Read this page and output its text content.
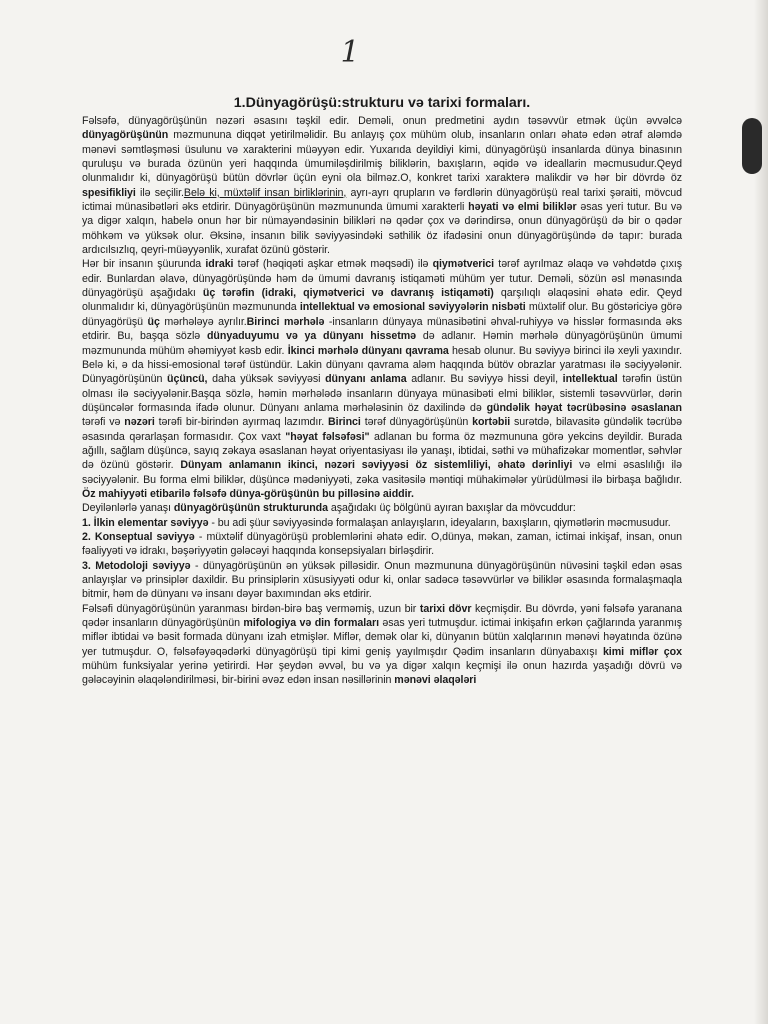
1

1.Dünyagörüşü:strukturu və tarixi formaları.

Fəlsəfə, dünyagörüşünün nəzəri əsasını təşkil edir. Deməli, onun predmetini aydın təsəvvür etmək üçün əvvəlcə dünyagörüşünün məzmununa diqqət yetirilməlidir. Bu anlayış çox mühüm olub, insanların onları əhatə edən ətraf aləmdə mənəvi səmtləşməsi üsulunu və xarakterini müəyyən edir. Yuxarıda deyildiyi kimi, dünyagörüşü insanlarda dünya binasının quruluşu və burada özünün yeri haqqında ümumiləşdirilmiş biliklərin, baxışların, əqidə və ideallarin məcmusudur.Qeyd olunmalıdır ki, dünyagörüşü bütün dövrlər üçün eyni ola bilməz.O, konkret tarixi xarakterə malikdir və hər bir dövrdə öz spesifikliyi ilə seçilir.Belə ki, müxtəlif insan birliklərinin, ayrı-ayrı qrupların və fərdlərin dünyagörüşü real tarixi şəraiti, mövcud ictimai münasibətləri əks etdirir. Dünyagörüşünün məzmununda ümumi xarakterli həyati və elmi biliklər əsas yeri tutur. Bu və ya digər xalqın, habelə onun hər bir nümayəndəsinin bilikləri nə qədər çox və dərindirsə, onun dünyagörüşü də bir o qədər möhkəm və yüksək olur. Əksinə, insanın bilik səviyyəsindəki səthilik öz ifadəsini onun dünyagörüşündə də tapır: burada ardıcılsızlıq, qeyri-müəyyənlik, xurafat özünü göstərir.

Hər bir insanın şüurunda idraki tərəf (həqiqəti aşkar etmək məqsədi) ilə qiymətverici tərəf ayrılmaz əlaqə və vəhdətdə çıxış edir. Bunlardan əlavə, dünyagörüşündə həm də ümumi davranış istiqaməti mühüm yer tutur. Deməli, sözün əsl mənasında dünyagörüşü aşağıdakı üç tərəfin (idraki, qiymətverici və davranış istiqaməti) qarşılıqlı əlaqəsini əhatə edir. Qeyd olunmalıdır ki, dünyagörüşünün məzmununda intellektual və emosional səviyyələrin nisbəti müxtəlif olur. Bu göstəriciyə görə dünyagörüşü üç mərhələyə ayrılır.Birinci mərhələ -insanların dünyaya münasibətini əhval-ruhiyyə və hisslər formasında əks etdirir. Bu, başqa sözlə dünyaduyumu və ya dünyanı hissetmə də adlanır. Həmin mərhələ dünyagörüşünün ümumi məzmununda mühüm əhəmiyyət kəsb edir. İkinci mərhələ dünyanı qavrama hesab olunur. Bu səviyyə birinci ilə xeyli yaxındır. Belə ki, ə da hissi-emosional tərəf üstündür. Lakin dünyanı qavrama aləm haqqında bütöv obrazlar yaratması ilə səciyyələnir. Dünyagörüşünün üçüncü, daha yüksək səviyyəsi dünyanı anlama adlanır. Bu səviyyə hissi deyil, intellektual tərəfin üstün olması ilə səciyyələnir.Başqa sözlə, həmin mərhələdə insanların dünyaya münasibəti elmi biliklər, sistemli təsəvvürlər, dərin düşüncələr formasında ifadə olunur. Dünyanı anlama mərhələsinin öz daxilində də gündəlik həyat təcrübəsinə əsaslanan tərəfi və nəzəri tərəfi bir-birindən ayırmaq lazımdır. Birinci tərəf dünyagörüşünün kortəbii surətdə, bilavasitə gündəlik təcrübə əsasında qərarlaşan formasıdır. Çox vaxt "həyat fəlsəfəsi" adlanan bu forma öz məzmununa görə yekcins deyildir. Burada ağıllı, sağlam düşüncə, sayıq zəkaya əsaslanan həyat oriyentasiyası ilə yanaşı, ibtidai, səthi və mühafizəkar momentlər, səhvlər də özünü göstərir. Dünyam anlamanın ikinci, nəzəri səviyyəsi öz sistemliliyi, əhatə dərinliyi və elmi əsaslılığı ilə səciyyələnir. Bu forma elmi biliklər, düşüncə mədəniyyəti, zəka vasitəsilə məntiqi mühakimələr yürüdülməsi ilə birbaşa bağlıdır. Öz mahiyyəti etibarilə fəlsəfə dünya-görüşünün bu pilləsinə aiddir.

Deyilənlərlə yanaşı dünyagörüşünün strukturunda aşağıdakı üç bölgünü ayıran baxışlar da mövcuddur:

1. İlkin elementar səviyyə - bu adi şüur səviyyəsində formalaşan anlayışların, ideyaların, baxışların, qiymətlərin məcmusudur.

2. Konseptual səviyyə - müxtəlif dünyagörüşü problemlərini əhatə edir. O,dünya, məkan, zaman, ictimai inkişaf, insan, onun fəaliyyəti və idrakı, bəşəriyyətin gələcəyi haqqında konsepsiyaları birləşdirir.

3. Metodoloji səviyyə - dünyagörüşünün ən yüksək pilləsidir. Onun məzmununa dünyagörüşünün nüvəsini təşkil edən əsas anlayışlar və prinsiplər daxildir. Bu prinsiplərin xüsusiyyəti odur ki, onlar sadəcə təsəvvürlər və biliklər əsasında formalaşmaqla bitmir, həm də dünyanı və insanı dəyər baxımından əks etdirir.

Fəlsəfi dünyagörüşünün yaranması birdən-birə baş verməmiş, uzun bir tarixi dövr keçmişdir. Bu dövrdə, yəni fəlsəfə yaranana qədər insanların dünyagörüşünün mifologiya və din formaları əsas yeri tutmuşdur. ictimai inkişafın erkən çağlarında yaranmış miflər ibtidai və bəsit formada dünyanı izah etmişlər. Miflər, demək olar ki, dünyanın bütün xalqlarının mənəvi həyatında özünə yer tutmuşdur. O, fəlsəfəyəqədərki dünyagörüşü tipi kimi geniş yayılmışdır Qədim insanların dünyabaxışı kimi miflər çox mühüm funksiyalar yerinə yetirirdi. Hər şeydən əvvəl, bu və ya digər xalqın keçmişi ilə onun hazırda yaşadığı dövrü və gələcəyinin əlaqələndirilməsi, bir-birini əvəz edən insan nəsillərinin mənəvi əlaqələri
